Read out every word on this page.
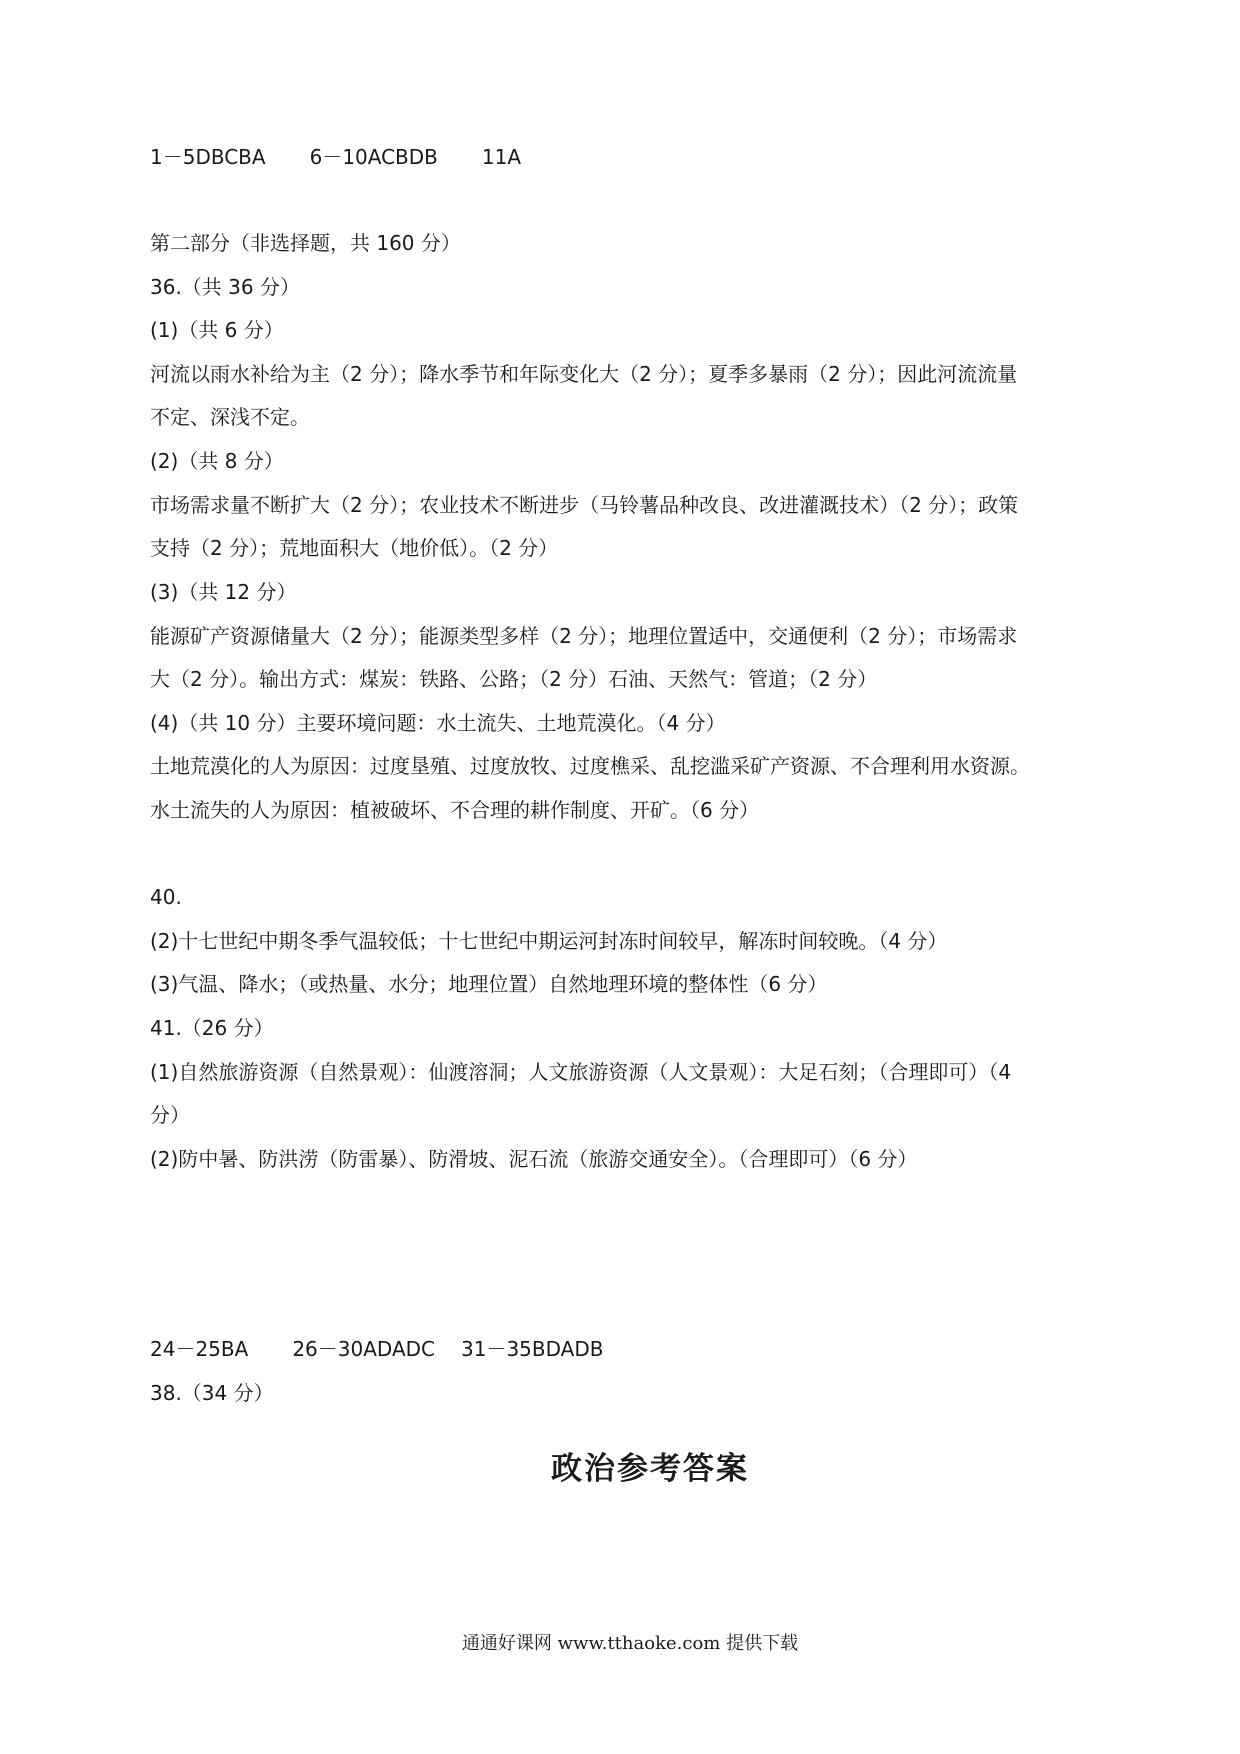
1－5DBCBA 6－10ACBDB 11A
第二部分（非选择题，共 160 分）
36.（共 36 分）
(1)（共 6 分）
河流以雨水补给为主（2 分）；降水季节和年际变化大（2 分）；夏季多暴雨（2 分）；因此河流流量
不定、深浅不定。
(2)（共 8 分）
市场需求量不断扩大（2 分）；农业技术不断进步（马铃薯品种改良、改进灌溉技术）（2 分）；政策
支持（2 分）；荒地面积大（地价低）。（2 分）
(3)（共 12 分）
能源矿产资源储量大（2 分）；能源类型多样（2 分）；地理位置适中，交通便利（2 分）；市场需求
大（2 分）。输出方式：煤炭：铁路、公路；（2 分）石油、天然气：管道；（2 分）
(4)（共 10 分）主要环境问题：水土流失、土地荒漠化。（4 分）
土地荒漠化的人为原因：过度垦殖、过度放牧、过度樵采、乱挖滥采矿产资源、不合理利用水资源。
水土流失的人为原因：植被破坏、不合理的耕作制度、开矿。（6 分）
40.
(2)十七世纪中期冬季气温较低；十七世纪中期运河封冻时间较早，解冻时间较晚。（4 分）
(3)气温、降水；（或热量、水分；地理位置）自然地理环境的整体性（6 分）
41.（26 分）
(1)自然旅游资源（自然景观）：仙渡溶洞；人文旅游资源（人文景观）：大足石刻；（合理即可）（4
分）
(2)防中暑、防洪涝（防雷暴）、防滑坡、泥石流（旅游交通安全）。（合理即可）（6 分）
政治参考答案
24－25BA 26－30ADADC 31－35BDADB
38.（34 分）
通通好课网 www.tthaoke.com 提供下载
